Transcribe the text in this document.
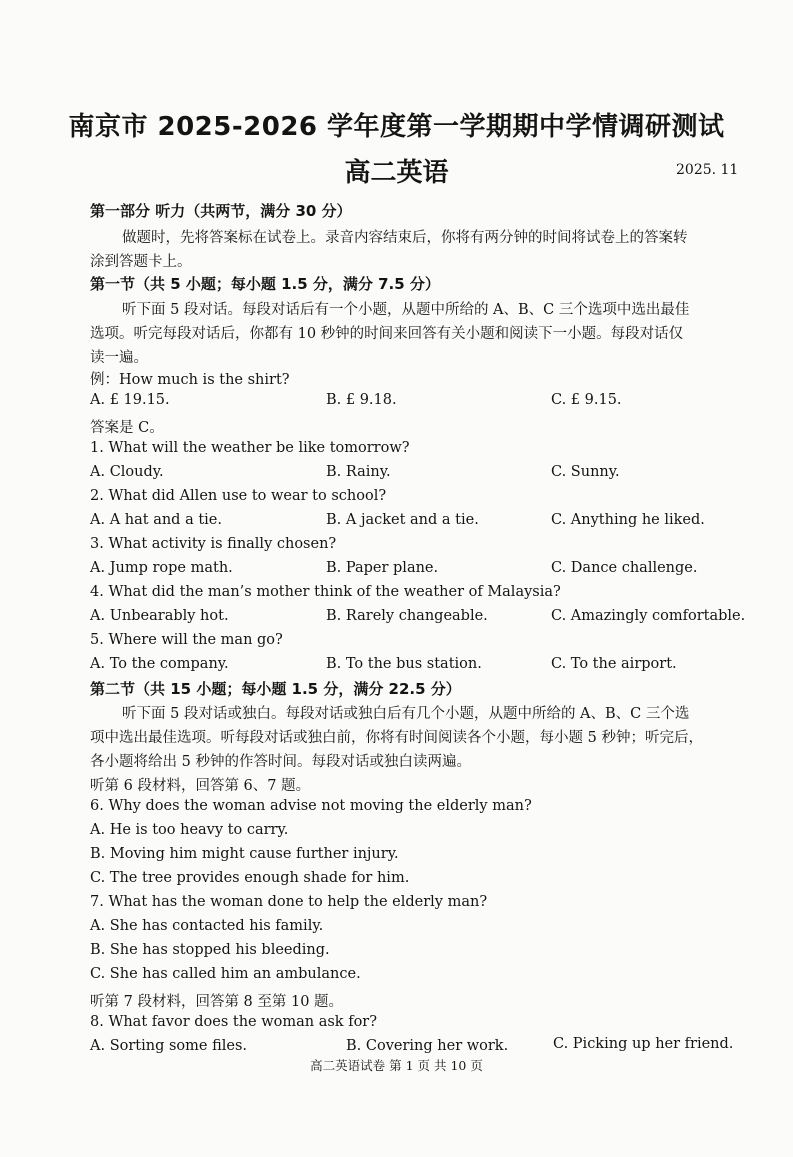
南京市 2025-2026 学年度第一学期期中学情调研测试
高二英语	2025. 11
第一部分 听力（共两节，满分 30 分）
做题时，先将答案标在试卷上。录音内容结束后，你将有两分钟的时间将试卷上的答案转
涂到答题卡上。
第一节（共 5 小题；每小题 1.5 分，满分 7.5 分）
听下面 5 段对话。每段对话后有一个小题，从题中所给的 A、B、C 三个选项中选出最佳
选项。听完每段对话后，你都有 10 秒钟的时间来回答有关小题和阅读下一小题。每段对话仅
读一遍。
例：How much is the shirt?
A. £ 19.15.	B. £ 9.18.	C. £ 9.15.
答案是 C。
1. What will the weather be like tomorrow?
A. Cloudy.	B. Rainy.	C. Sunny.
2. What did Allen use to wear to school?
A. A hat and a tie.	B. A jacket and a tie.	C. Anything he liked.
3. What activity is finally chosen?
A. Jump rope math.	B. Paper plane.	C. Dance challenge.
4. What did the man’s mother think of the weather of Malaysia?
A. Unbearably hot.	B. Rarely changeable.	C. Amazingly comfortable.
5. Where will the man go?
A. To the company.	B. To the bus station.	C. To the airport.
第二节（共 15 小题；每小题 1.5 分，满分 22.5 分）
听下面 5 段对话或独白。每段对话或独白后有几个小题，从题中所给的 A、B、C 三个选
项中选出最佳选项。听每段对话或独白前，你将有时间阅读各个小题，每小题 5 秒钟；听完后，
各小题将给出 5 秒钟的作答时间。每段对话或独白读两遍。
听第 6 段材料，回答第 6、7 题。
6. Why does the woman advise not moving the elderly man?
A. He is too heavy to carry.
B. Moving him might cause further injury.
C. The tree provides enough shade for him.
7. What has the woman done to help the elderly man?
A. She has contacted his family.
B. She has stopped his bleeding.
C. She has called him an ambulance.
听第 7 段材料，回答第 8 至第 10 题。
8. What favor does the woman ask for?
A. Sorting some files.	B. Covering her work.	C. Picking up her friend.
高二英语试卷 第 1 页 共 10 页
